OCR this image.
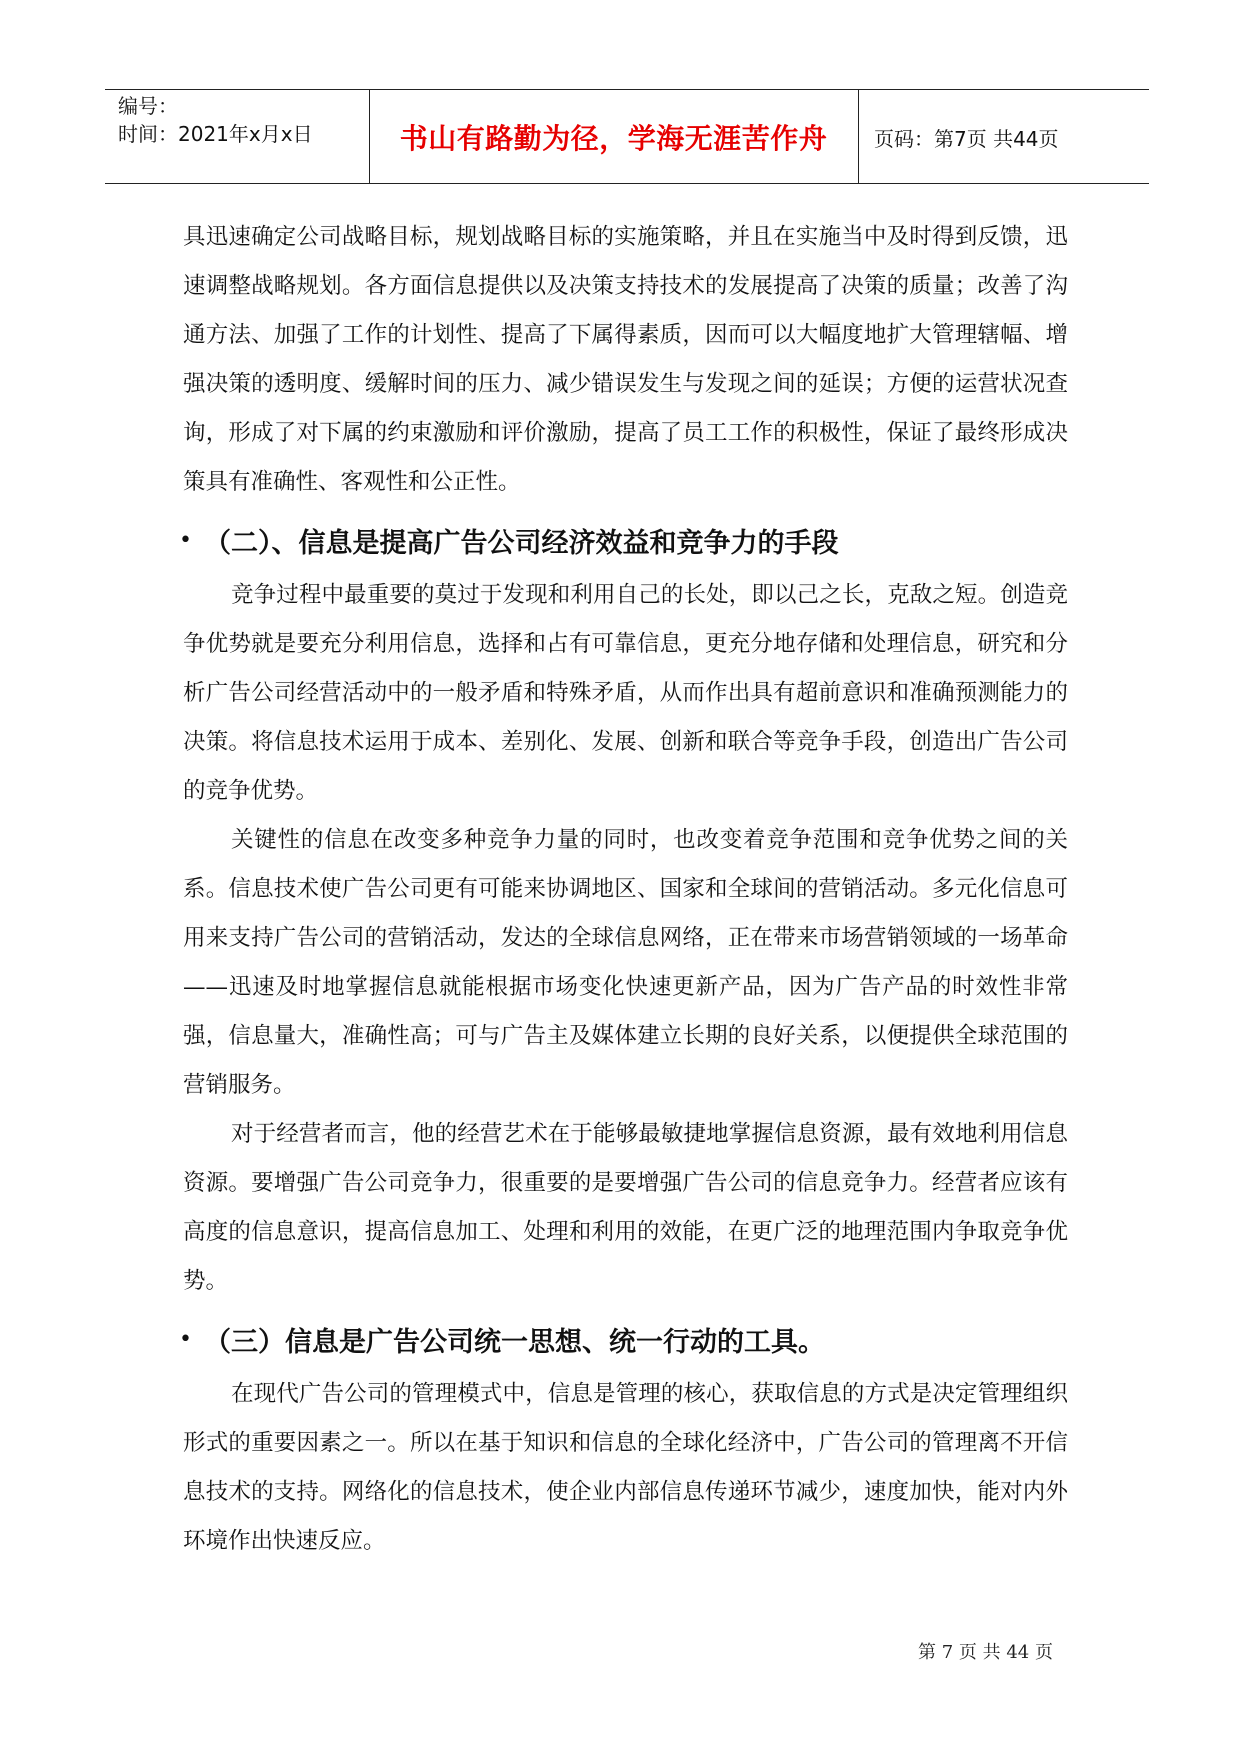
编号：
时间：2021年x月x日	书山有路勤为径，学海无涯苦作舟	页码：第7页 共44页

具迅速确定公司战略目标，规划战略目标的实施策略，并且在实施当中及时得到反馈，迅速调整战略规划。各方面信息提供以及决策支持技术的发展提高了决策的质量；改善了沟通方法、加强了工作的计划性、提高了下属得素质，因而可以大幅度地扩大管理辖幅、增强决策的透明度、缓解时间的压力、减少错误发生与发现之间的延误；方便的运营状况查询，形成了对下属的约束激励和评价激励，提高了员工工作的积极性，保证了最终形成决策具有准确性、客观性和公正性。

• （二）、信息是提高广告公司经济效益和竞争力的手段

竞争过程中最重要的莫过于发现和利用自己的长处，即以己之长，克敌之短。创造竞争优势就是要充分利用信息，选择和占有可靠信息，更充分地存储和处理信息，研究和分析广告公司经营活动中的一般矛盾和特殊矛盾，从而作出具有超前意识和准确预测能力的决策。将信息技术运用于成本、差别化、发展、创新和联合等竞争手段，创造出广告公司的竞争优势。

关键性的信息在改变多种竞争力量的同时，也改变着竞争范围和竞争优势之间的关系。信息技术使广告公司更有可能来协调地区、国家和全球间的营销活动。多元化信息可用来支持广告公司的营销活动，发达的全球信息网络，正在带来市场营销领域的一场革命——迅速及时地掌握信息就能根据市场变化快速更新产品，因为广告产品的时效性非常强，信息量大，准确性高；可与广告主及媒体建立长期的良好关系，以便提供全球范围的营销服务。

对于经营者而言，他的经营艺术在于能够最敏捷地掌握信息资源，最有效地利用信息资源。要增强广告公司竞争力，很重要的是要增强广告公司的信息竞争力。经营者应该有高度的信息意识，提高信息加工、处理和利用的效能，在更广泛的地理范围内争取竞争优势。

• （三）信息是广告公司统一思想、统一行动的工具。

在现代广告公司的管理模式中，信息是管理的核心，获取信息的方式是决定管理组织形式的重要因素之一。所以在基于知识和信息的全球化经济中，广告公司的管理离不开信息技术的支持。网络化的信息技术，使企业内部信息传递环节减少，速度加快，能对内外环境作出快速反应。

第 7 页 共 44 页
